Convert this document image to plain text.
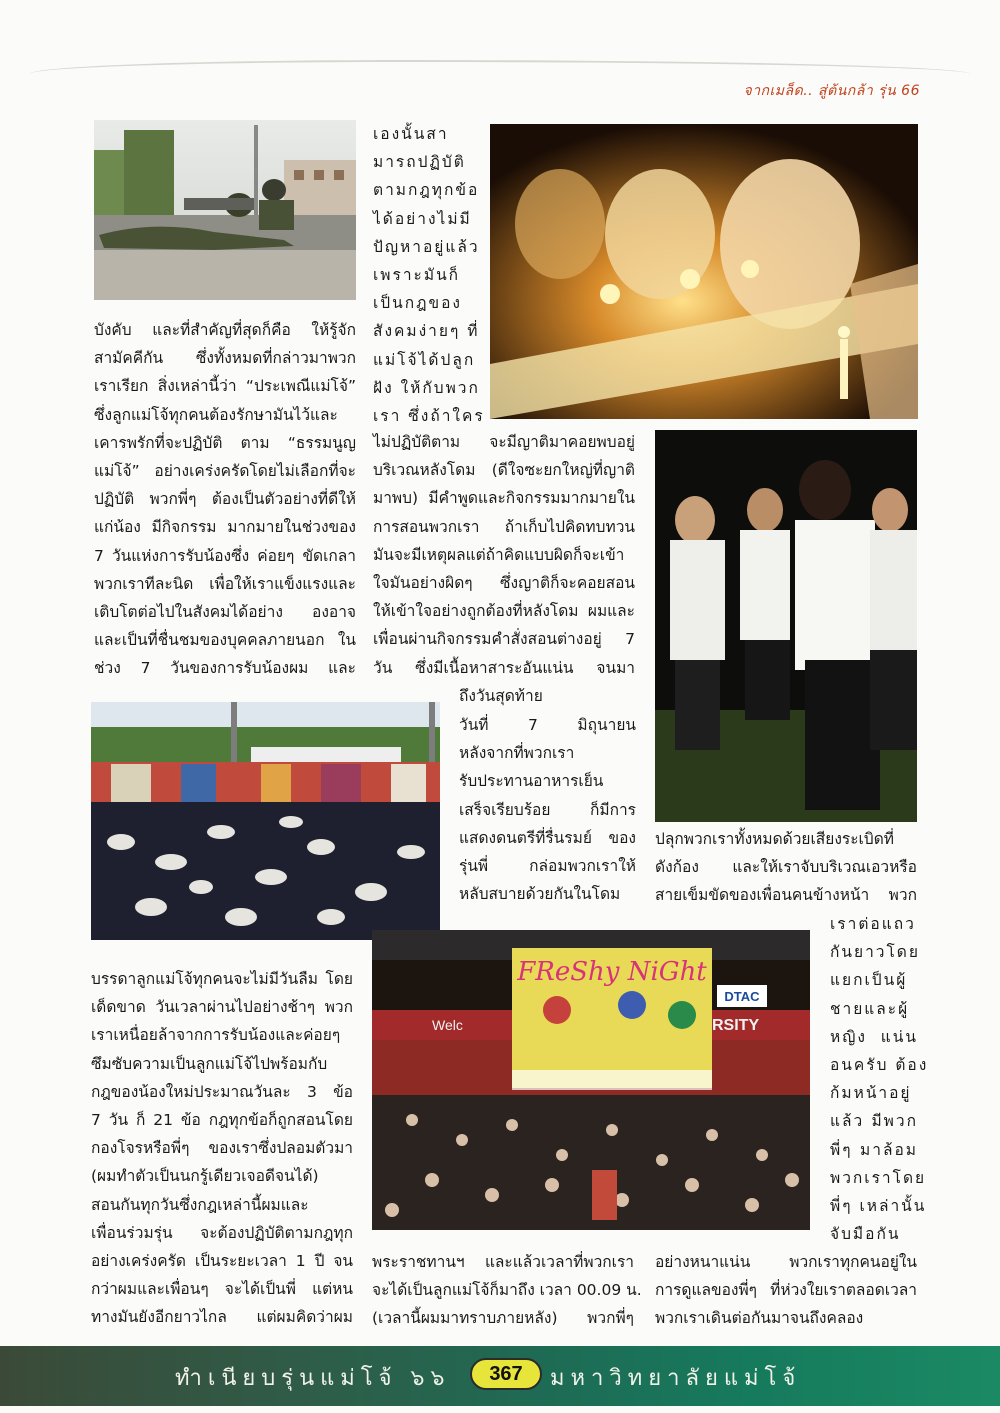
จากเมล็ด.. สู่ต้นกล้า รุ่น 66
FReShy NiGht
DTAC
Welc	RSITY
บังคับ และที่สำคัญที่สุดก็คือ ให้รู้จัก
สามัคคีกัน ซึ่งทั้งหมดที่กล่าวมาพวก
เราเรียก สิ่งเหล่านี้ว่า “ประเพณีแม่โจ้”
ซึ่งลูกแม่โจ้ทุกคนต้องรักษามันไว้และ
เคารพรักที่จะปฏิบัติ ตาม “ธรรมนูญ
แม่โจ้” อย่างเคร่งครัดโดยไม่เลือกที่จะ
ปฏิบัติ พวกพี่ๆ ต้องเป็นตัวอย่างที่ดีให้
แก่น้อง มีกิจกรรม มากมายในช่วงของ
7 วันแห่งการรับน้องซึ่ง ค่อยๆ ขัดเกลา
พวกเราทีละนิด เพื่อให้เราแข็งแรงและ
เติบโตต่อไปในสังคมได้อย่าง องอาจ
และเป็นที่ชื่นชมของบุคคลภายนอก ใน
ช่วง 7 วันของการรับน้องผม และ
เองนั้นสา
มารถปฏิบัติ
ตามกฎทุกข้อ
ได้อย่างไม่มี
ปัญหาอยู่แล้ว
เพราะมันก็
เป็นกฎของ
สังคมง่ายๆ ที่
แม่โจ้ได้ปลูก
ฝัง ให้กับพวก
เรา ซึ่งถ้าใคร
ไม่ปฏิบัติตาม จะมีญาติมาคอยพบอยู่
บริเวณหลังโดม (ดีใจซะยกใหญ่ที่ญาติ
มาพบ) มีคำพูดและกิจกรรมมากมายใน
การสอนพวกเรา ถ้าเก็บไปคิดทบทวน
มันจะมีเหตุผลแต่ถ้าคิดแบบผิดก็จะเข้า
ใจมันอย่างผิดๆ ซึ่งญาติก็จะคอยสอน
ให้เข้าใจอย่างถูกต้องที่หลังโดม ผมและ
เพื่อนผ่านกิจกรรมคำสั่งสอนต่างอยู่ 7
วัน ซึ่งมีเนื้อหาสาระอันแน่น จนมา
ถึงวันสุดท้าย
วันที่ 7 มิถุนายน
หลังจากที่พวกเรา
รับประทานอาหารเย็น
เสร็จเรียบร้อย ก็มีการ
แสดงดนตรีที่รื่นรมย์ ของ
รุ่นพี่ กล่อมพวกเราให้
หลับสบายด้วยกันในโดม
ปลุกพวกเราทั้งหมดด้วยเสียงระเบิดที่
ดังก้อง และให้เราจับบริเวณเอวหรือ
สายเข็มขัดของเพื่อนคนข้างหน้า พวก
เราต่อแถว
กันยาวโดย
แยกเป็นผู้
ชายและผู้
หญิง แน่น
อนครับ ต้อง
ก้มหน้าอยู่
แล้ว มีพวก
พี่ๆ มาล้อม
พวกเราโดย
พี่ๆ เหล่านั้น
จับมือกัน
บรรดาลูกแม่โจ้ทุกคนจะไม่มีวันลืม โดย
เด็ดขาด วันเวลาผ่านไปอย่างช้าๆ พวก
เราเหนื่อยล้าจากการรับน้องและค่อยๆ
ซึมซับความเป็นลูกแม่โจ้ไปพร้อมกับ
กฎของน้องใหม่ประมาณวันละ 3 ข้อ
7 วัน ก็ 21 ข้อ กฎทุกข้อก็ถูกสอนโดย
กองโจรหรือพี่ๆ ของเราซึ่งปลอมตัวมา
(ผมทำตัวเป็นนกรู้เดียวเจอดีจนได้)
สอนกันทุกวันซึ่งกฎเหล่านี้ผมและ
เพื่อนร่วมรุ่น จะต้องปฏิบัติตามกฎทุก
อย่างเคร่งครัด เป็นระยะเวลา 1 ปี จน
กว่าผมและเพื่อนๆ จะได้เป็นพี่ แต่หน
ทางมันยังอีกยาวไกล แต่ผมคิดว่าผม
พระราชทานฯ และแล้วเวลาที่พวกเรา
จะได้เป็นลูกแม่โจ้ก็มาถึง เวลา 00.09 น.
(เวลานี้ผมมาทราบภายหลัง) พวกพี่ๆ
อย่างหนาแน่น พวกเราทุกคนอยู่ใน
การดูแลของพี่ๆ ที่ห่วงใยเราตลอดเวลา
พวกเราเดินต่อกันมาจนถึงคลอง
ทำเนียบรุ่นแม่โจ้ ๖๖	367	มหาวิทยาลัยแม่โจ้
